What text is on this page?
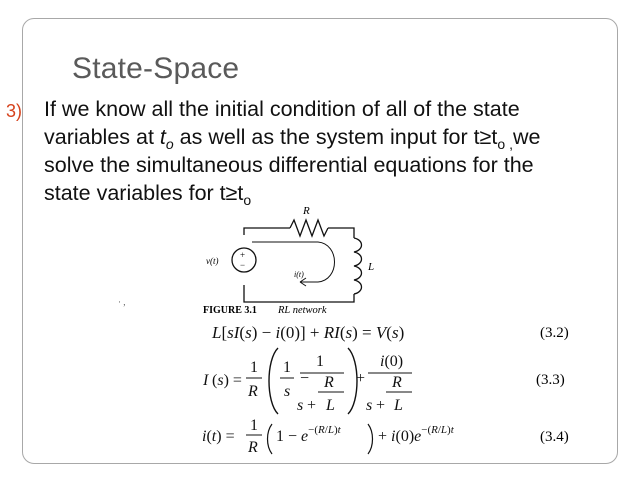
State-Space
3) If we know all the initial condition of all of the state
variables at $t_o$ as well as the system input for $t\ge t_{o ,}we$
solve the simultaneous differential equations for the
state variables for $t\ge t_o$
R
L
v(t)
+
−
i(t)
FIGURE 3.1 RL network
· ,
L[sI(s) − i(0)] + RI(s) = V(s)	(3.2)
I (s) =
1
R
1
s
−
1
R
s + L
+
i(0)
R
s + L
(3.3)
i(t) =
1
R
$1 - e^{-(R/L)t} + i(0)e^{-(R/L)t}$	(3.4)
